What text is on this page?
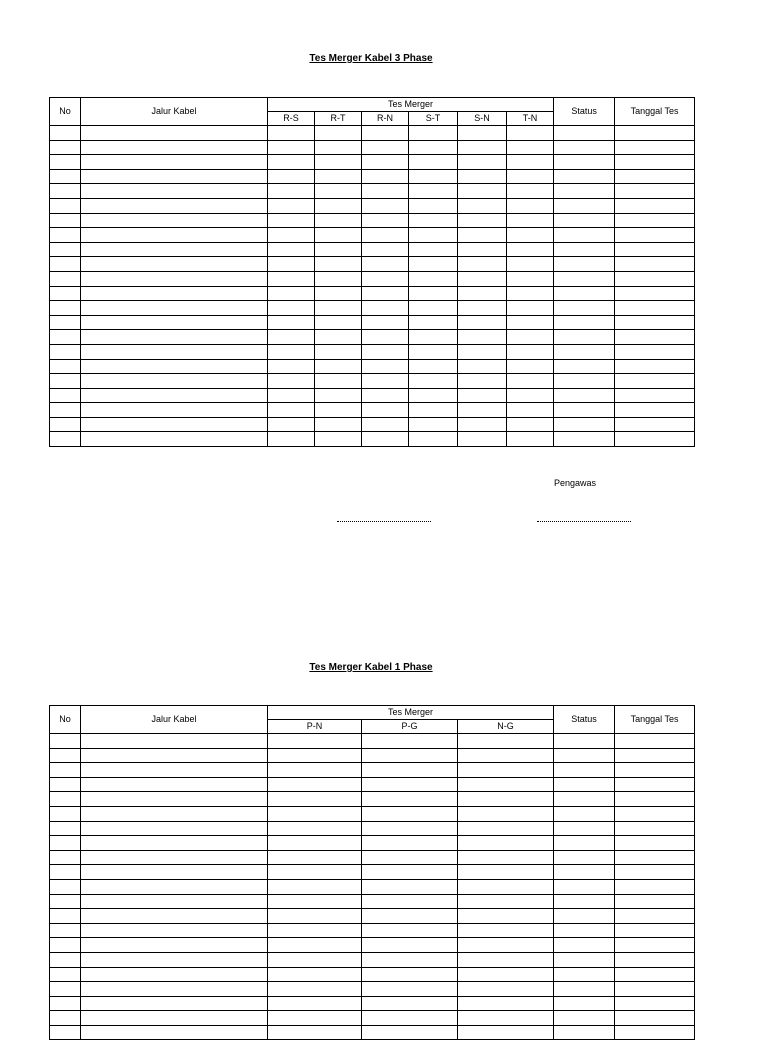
Tes Merger Kabel 3 Phase
No	Jalur Kabel	Tes Merger						Status	Tanggal Tes
		R-S	R-T	R-N	S-T	S-N	T-N		

Pengawas
Tes Merger Kabel 1 Phase
No	Jalur Kabel	Tes Merger			Status	Tanggal Tes
		P-N	P-G	N-G		
